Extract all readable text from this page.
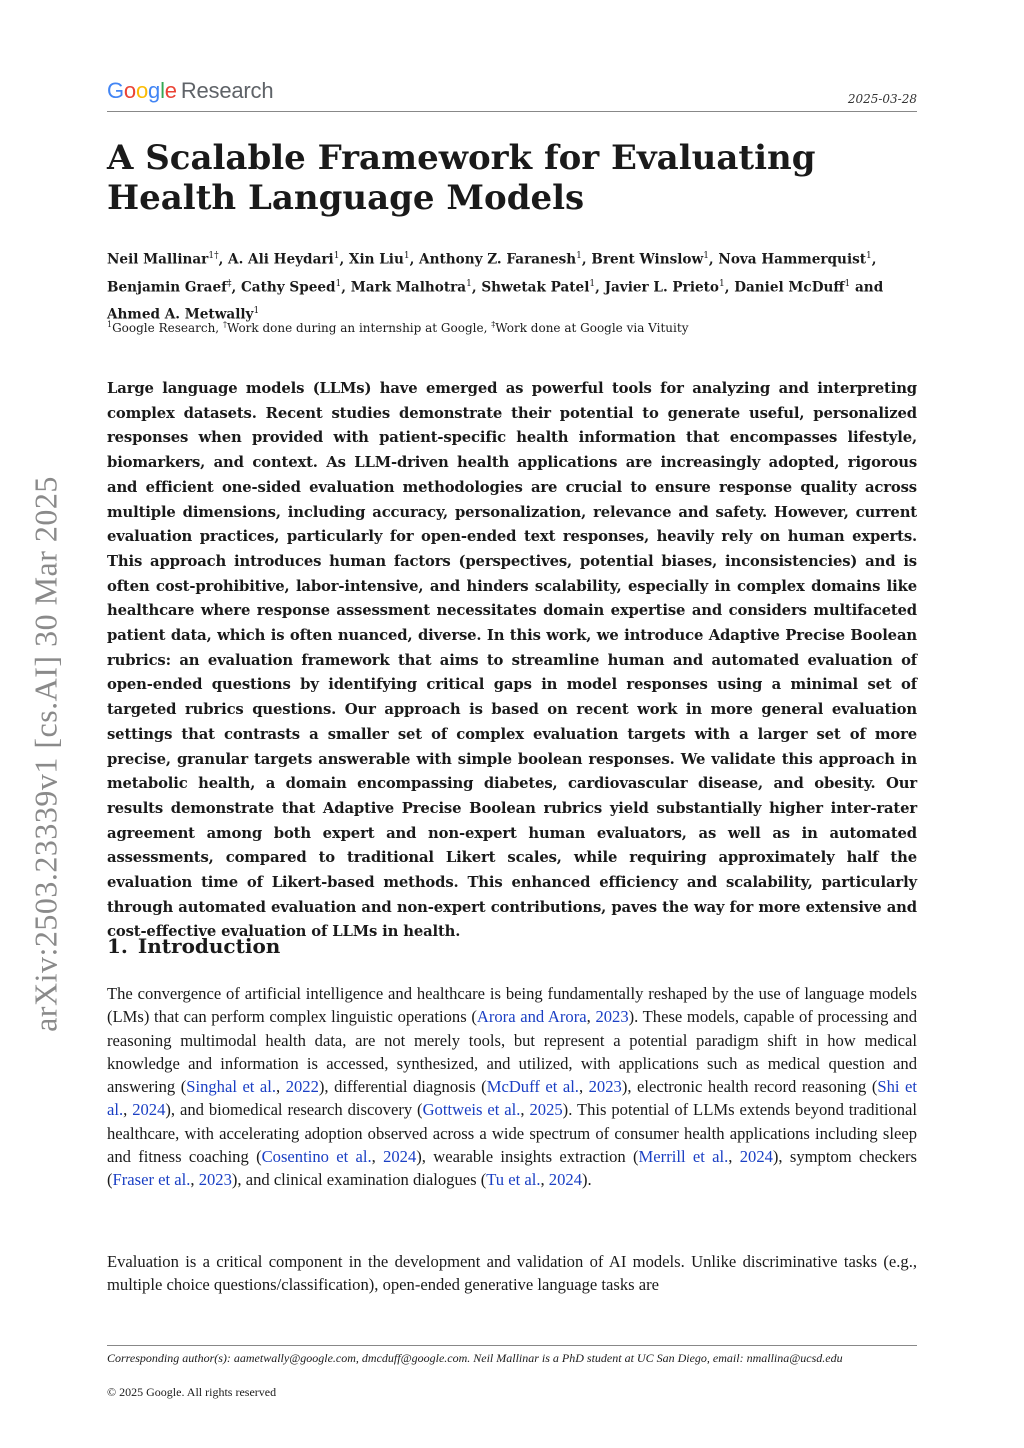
Google Research	2025-03-28
arXiv:2503.23339v1 [cs.AI] 30 Mar 2025
A Scalable Framework for Evaluating Health Language Models
Neil Mallinar$^{1\dagger}$, A. Ali Heydari$^1$, Xin Liu$^1$, Anthony Z. Faranesh$^1$, Brent Winslow$^1$, Nova Hammerquist$^1$,
Benjamin Graef‡, Cathy Speed$^1$, Mark Malhotra$^1$, Shwetak Patel$^1$, Javier L. Prieto$^1$, Daniel McDuff$^1$ and
Ahmed A. Metwally$^1$
$^1$Google Research, †Work done during an internship at Google, ‡Work done at Google via Vituity

Large language models (LLMs) have emerged as powerful tools for analyzing and interpreting complex datasets. Recent studies demonstrate their potential to generate useful, personalized responses when provided with patient-specific health information that encompasses lifestyle, biomarkers, and context. As LLM-driven health applications are increasingly adopted, rigorous and efficient one-sided evaluation methodologies are crucial to ensure response quality across multiple dimensions, including accuracy, personalization, relevance and safety. However, current evaluation practices, particularly for open-ended text responses, heavily rely on human experts. This approach introduces human factors (perspectives, potential biases, inconsistencies) and is often cost-prohibitive, labor-intensive, and hinders scalability, especially in complex domains like healthcare where response assessment necessitates domain expertise and considers multifaceted patient data, which is often nuanced, diverse. In this work, we introduce Adaptive Precise Boolean rubrics: an evaluation framework that aims to streamline human and automated evaluation of open-ended questions by identifying critical gaps in model responses using a minimal set of targeted rubrics questions. Our approach is based on recent work in more general evaluation settings that contrasts a smaller set of complex evaluation targets with a larger set of more precise, granular targets answerable with simple boolean responses. We validate this approach in metabolic health, a domain encompassing diabetes, cardiovascular disease, and obesity. Our results demonstrate that Adaptive Precise Boolean rubrics yield substantially higher inter-rater agreement among both expert and non-expert human evaluators, as well as in automated assessments, compared to traditional Likert scales, while requiring approximately half the evaluation time of Likert-based methods. This enhanced efficiency and scalability, particularly through automated evaluation and non-expert contributions, paves the way for more extensive and cost-effective evaluation of LLMs in health.

1. Introduction

The convergence of artificial intelligence and healthcare is being fundamentally reshaped by the use of language models (LMs) that can perform complex linguistic operations (Arora and Arora, 2023). These models, capable of processing and reasoning multimodal health data, are not merely tools, but represent a potential paradigm shift in how medical knowledge and information is accessed, synthesized, and utilized, with applications such as medical question and answering (Singhal et al., 2022), differential diagnosis (McDuff et al., 2023), electronic health record reasoning (Shi et al., 2024), and biomedical research discovery (Gottweis et al., 2025). This potential of LLMs extends beyond traditional healthcare, with accelerating adoption observed across a wide spectrum of consumer health applications including sleep and fitness coaching (Cosentino et al., 2024), wearable insights extraction (Merrill et al., 2024), symptom checkers (Fraser et al., 2023), and clinical examination dialogues (Tu et al., 2024).

Evaluation is a critical component in the development and validation of AI models. Unlike discriminative tasks (e.g., multiple choice questions/classification), open-ended generative language tasks are

Corresponding author(s): aametwally@google.com, dmcduff@google.com. Neil Mallinar is a PhD student at UC San Diego, email: nmallina@ucsd.edu
© 2025 Google. All rights reserved
